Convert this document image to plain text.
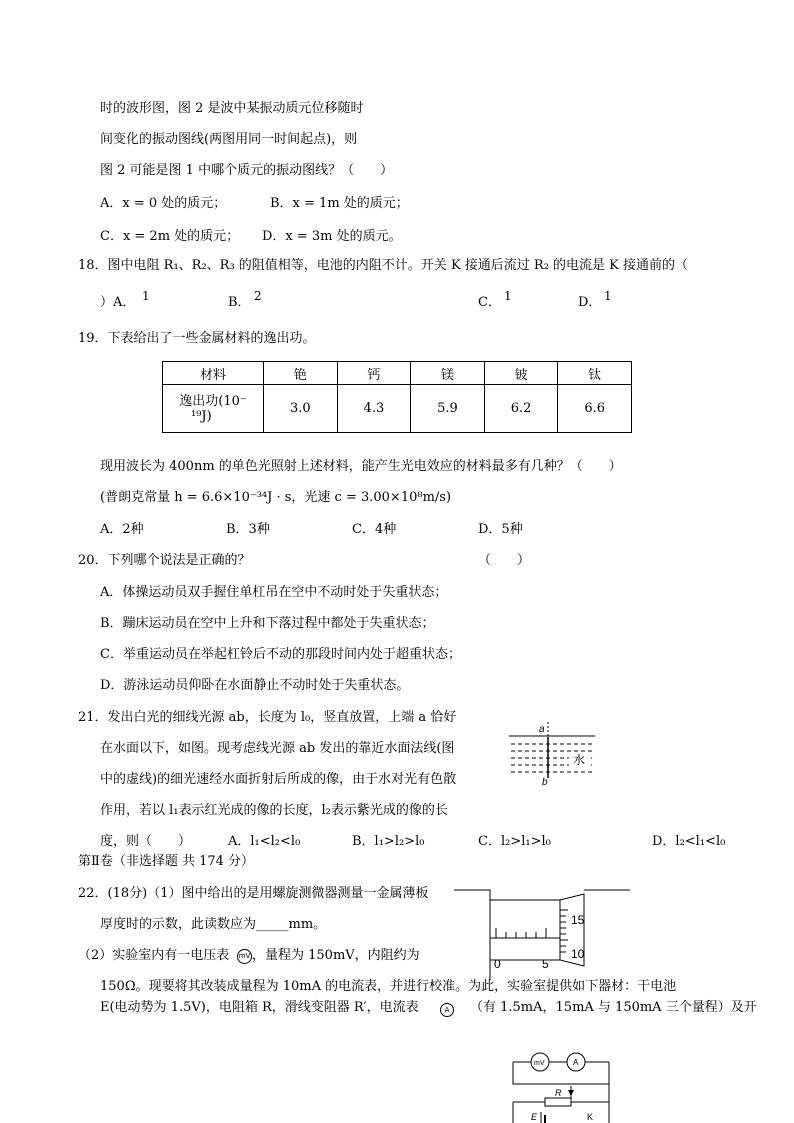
时的波形图，图 2 是波中某振动质元位移随时
间变化的振动图线(两图用同一时间起点)，则
图 2 可能是图 1 中哪个质元的振动图线？（　　）
A．x = 0 处的质元；	B．x = 1m 处的质元；
C．x = 2m 处的质元； D．x = 3m 处的质元。
18．图中电阻 R₁、R₂、R₃ 的阻值相等，电池的内阻不计。开关 K 接通后流过 R₂ 的电流是 K 接通前的（
）A． 1	B． 2	C． 1	D． 1
19．下表给出了一些金属材料的逸出功。
材料	铯	钙	镁	铍	钛

逸出功(10⁻
¹⁹J)	3.0	4.3	5.9	6.2	6.6
现用波长为 400nm 的单色光照射上述材料，能产生光电效应的材料最多有几种？（　　）
(普朗克常量 h = 6.6×10⁻³⁴J · s，光速 c = 3.00×10⁸m/s)
A．2种	B．3种	C．4种	D．5种
20．下列哪个说法是正确的？	（　　）
A．体操运动员双手握住单杠吊在空中不动时处于失重状态；
B．蹦床运动员在空中上升和下落过程中都处于失重状态；
C．举重运动员在举起杠铃后不动的那段时间内处于超重状态；
D．游泳运动员仰卧在水面静止不动时处于失重状态。
21．发出白光的细线光源 ab，长度为 l₀，竖直放置，上端 a 恰好
在水面以下，如图。现考虑线光源 ab 发出的靠近水面法线(图
中的虚线)的细光速经水面折射后所成的像，由于水对光有色散
作用，若以 l₁表示红光成的像的长度，l₂表示紫光成的像的长
度，则（　　）	A．l₁<l₂<l₀	B．l₁>l₂>l₀	C．l₂>l₁>l₀	D．l₂<l₁<l₀
a
b
水
第Ⅱ卷（非选择题 共 174 分）
22．(18分)（1）图中给出的是用螺旋测微器测量一金属薄板
厚度时的示数，此读数应为_____mm。
（2）实验室内有一电压表 mV ，量程为 150mV，内阻约为
150Ω。现要将其改装成量程为 10mA 的电流表，并进行校准。为此，实验室提供如下器材：干电池
E(电动势为 1.5V)，电阻箱 R，滑线变阻器 R′，电流表	A	（有 1.5mA，15mA 与 150mA 三个量程）及开
15
10
0	5
mV	A
R
E	K
